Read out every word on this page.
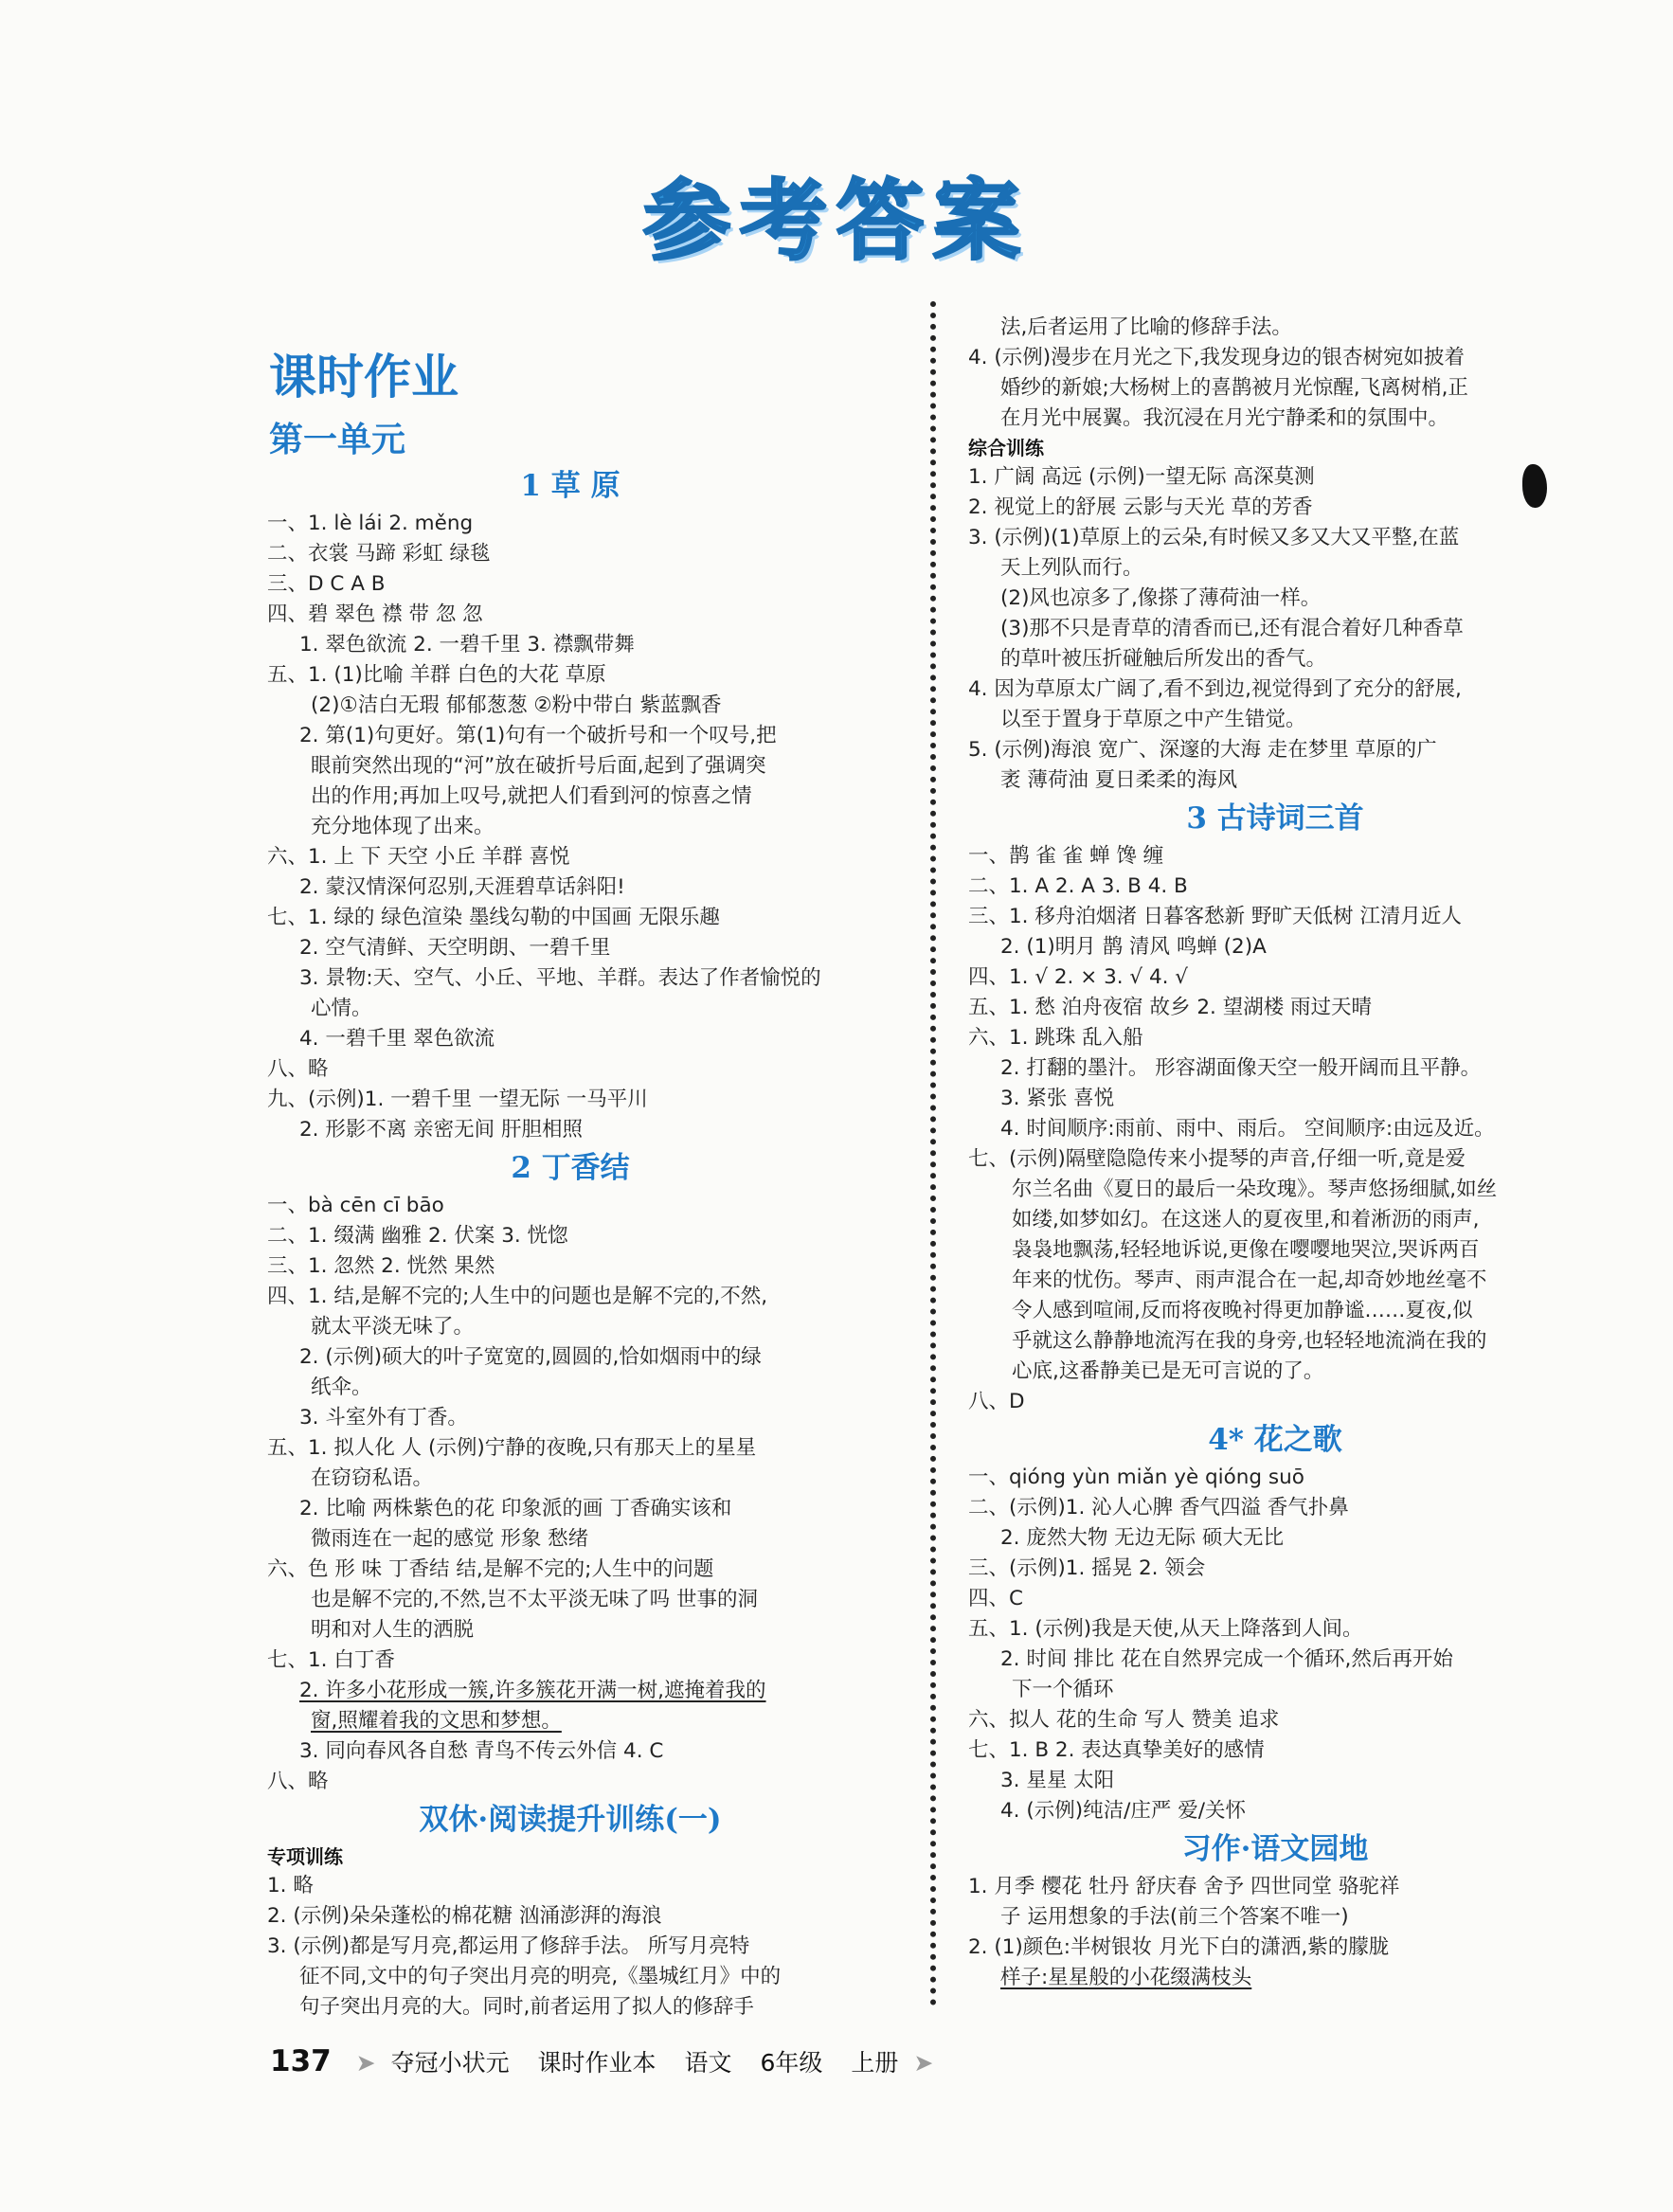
参考答案
课时作业
第一单元
1 草 原
一、1. lè lái 2. měng
二、衣裳 马蹄 彩虹 绿毯
三、D C A B
四、碧 翠色 襟 带 忽 忽
1. 翠色欲流 2. 一碧千里 3. 襟飘带舞
五、1. (1)比喻 羊群 白色的大花 草原
(2)①洁白无瑕 郁郁葱葱 ②粉中带白 紫蓝飘香
2. 第(1)句更好。第(1)句有一个破折号和一个叹号,把
眼前突然出现的“河”放在破折号后面,起到了强调突
出的作用;再加上叹号,就把人们看到河的惊喜之情
充分地体现了出来。
六、1. 上 下 天空 小丘 羊群 喜悦
2. 蒙汉情深何忍别,天涯碧草话斜阳!
七、1. 绿的 绿色渲染 墨线勾勒的中国画 无限乐趣
2. 空气清鲜、天空明朗、一碧千里
3. 景物:天、空气、小丘、平地、羊群。表达了作者愉悦的
心情。
4. 一碧千里 翠色欲流
八、略
九、(示例)1. 一碧千里 一望无际 一马平川
2. 形影不离 亲密无间 肝胆相照
2 丁香结
一、bà cēn cī bāo
二、1. 缀满 幽雅 2. 伏案 3. 恍惚
三、1. 忽然 2. 恍然 果然
四、1. 结,是解不完的;人生中的问题也是解不完的,不然,
就太平淡无味了。
2. (示例)硕大的叶子宽宽的,圆圆的,恰如烟雨中的绿
纸伞。
3. 斗室外有丁香。
五、1. 拟人化 人 (示例)宁静的夜晚,只有那天上的星星
在窃窃私语。
2. 比喻 两株紫色的花 印象派的画 丁香确实该和
微雨连在一起的感觉 形象 愁绪
六、色 形 味 丁香结 结,是解不完的;人生中的问题
也是解不完的,不然,岂不太平淡无味了吗 世事的洞
明和对人生的洒脱
七、1. 白丁香
2. 许多小花形成一簇,许多簇花开满一树,遮掩着我的
窗,照耀着我的文思和梦想。
3. 同向春风各自愁 青鸟不传云外信 4. C
八、略
双休·阅读提升训练(一)
专项训练
1. 略
2. (示例)朵朵蓬松的棉花糖 汹涌澎湃的海浪
3. (示例)都是写月亮,都运用了修辞手法。 所写月亮特
征不同,文中的句子突出月亮的明亮,《墨城红月》中的
句子突出月亮的大。同时,前者运用了拟人的修辞手
法,后者运用了比喻的修辞手法。
4. (示例)漫步在月光之下,我发现身边的银杏树宛如披着
婚纱的新娘;大杨树上的喜鹊被月光惊醒,飞离树梢,正
在月光中展翼。我沉浸在月光宁静柔和的氛围中。
综合训练
1. 广阔 高远 (示例)一望无际 高深莫测
2. 视觉上的舒展 云影与天光 草的芳香
3. (示例)(1)草原上的云朵,有时候又多又大又平整,在蓝
天上列队而行。
(2)风也凉多了,像搽了薄荷油一样。
(3)那不只是青草的清香而已,还有混合着好几种香草
的草叶被压折碰触后所发出的香气。
4. 因为草原太广阔了,看不到边,视觉得到了充分的舒展,
以至于置身于草原之中产生错觉。
5. (示例)海浪 宽广、深邃的大海 走在梦里 草原的广
袤 薄荷油 夏日柔柔的海风
3 古诗词三首
一、鹊 雀 雀 蝉 馋 缠
二、1. A 2. A 3. B 4. B
三、1. 移舟泊烟渚 日暮客愁新 野旷天低树 江清月近人
2. (1)明月 鹊 清风 鸣蝉 (2)A
四、1. √ 2. × 3. √ 4. √
五、1. 愁 泊舟夜宿 故乡 2. 望湖楼 雨过天晴
六、1. 跳珠 乱入船
2. 打翻的墨汁。 形容湖面像天空一般开阔而且平静。
3. 紧张 喜悦
4. 时间顺序:雨前、雨中、雨后。 空间顺序:由远及近。
七、(示例)隔壁隐隐传来小提琴的声音,仔细一听,竟是爱
尔兰名曲《夏日的最后一朵玫瑰》。琴声悠扬细腻,如丝
如缕,如梦如幻。在这迷人的夏夜里,和着淅沥的雨声,
袅袅地飘荡,轻轻地诉说,更像在嘤嘤地哭泣,哭诉两百
年来的忧伤。琴声、雨声混合在一起,却奇妙地丝毫不
令人感到喧闹,反而将夜晚衬得更加静谧……夏夜,似
乎就这么静静地流泻在我的身旁,也轻轻地流淌在我的
心底,这番静美已是无可言说的了。
八、D
4* 花之歌
一、qióng yùn miǎn yè qióng suō
二、(示例)1. 沁人心脾 香气四溢 香气扑鼻
2. 庞然大物 无边无际 硕大无比
三、(示例)1. 摇晃 2. 领会
四、C
五、1. (示例)我是天使,从天上降落到人间。
2. 时间 排比 花在自然界完成一个循环,然后再开始
下一个循环
六、拟人 花的生命 写人 赞美 追求
七、1. B 2. 表达真挚美好的感情
3. 星星 太阳
4. (示例)纯洁/庄严 爱/关怀
习作·语文园地
1. 月季 樱花 牡丹 舒庆春 舍予 四世同堂 骆驼祥
子 运用想象的手法(前三个答案不唯一)
2. (1)颜色:半树银妆 月光下白的潇洒,紫的朦胧
样子:星星般的小花缀满枝头
137 ➤ 夺冠小状元 课时作业本 语文 6年级 上册 ➤
